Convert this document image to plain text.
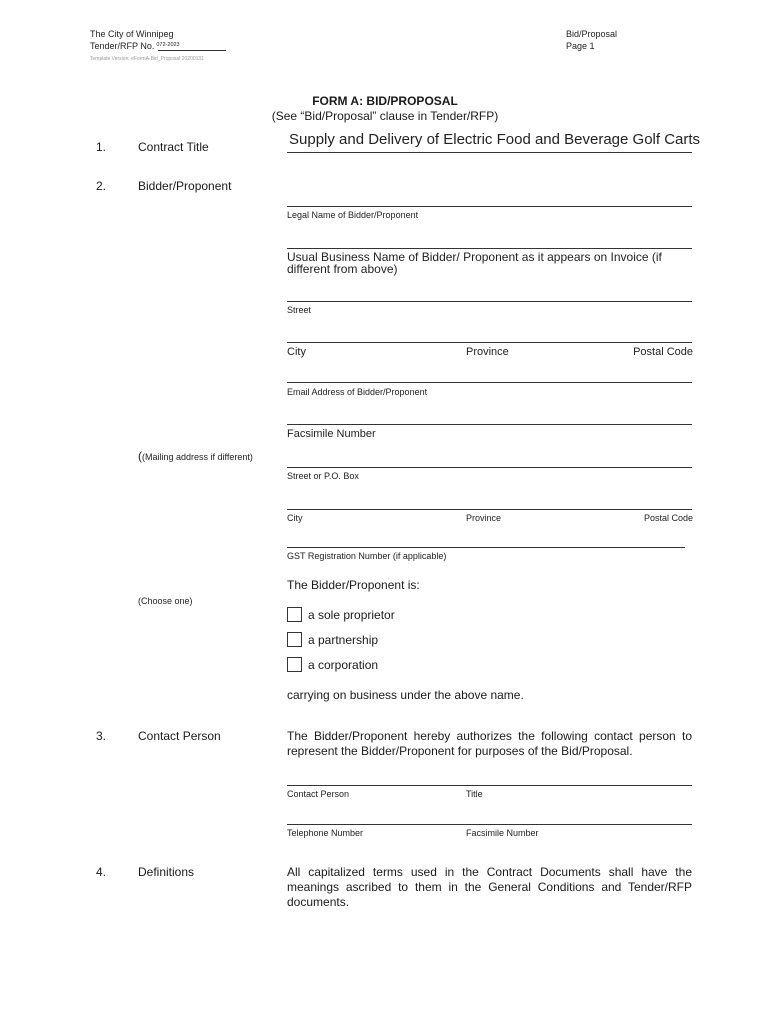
The City of Winnipeg
Tender/RFP No. $^{072-2023}$
Template Version: eFormA-Bid_Proposal 20200131
Bid/Proposal
Page 1
FORM A: BID/PROPOSAL
(See “Bid/Proposal” clause in Tender/RFP)
1.	Contract Title	Supply and Delivery of Electric Food and Beverage Golf Carts
2.	Bidder/Proponent
Legal Name of Bidder/Proponent
Usual Business Name of Bidder/ Proponent as it appears on Invoice (if different from above)
Street
City	Province	Postal Code
Email Address of Bidder/Proponent
Facsimile Number
((Mailing address if different)
Street or P.O. Box
City	Province	Postal Code
GST Registration Number (if applicable)
The Bidder/Proponent is:
(Choose one)
a sole proprietor
a partnership
a corporation
carrying on business under the above name.
3.	Contact Person	The Bidder/Proponent hereby authorizes the following contact person to represent the Bidder/Proponent for purposes of the Bid/Proposal.
Contact Person	Title
Telephone Number	Facsimile Number
4.	Definitions	All capitalized terms used in the Contract Documents shall have the meanings ascribed to them in the General Conditions and Tender/RFP documents.
